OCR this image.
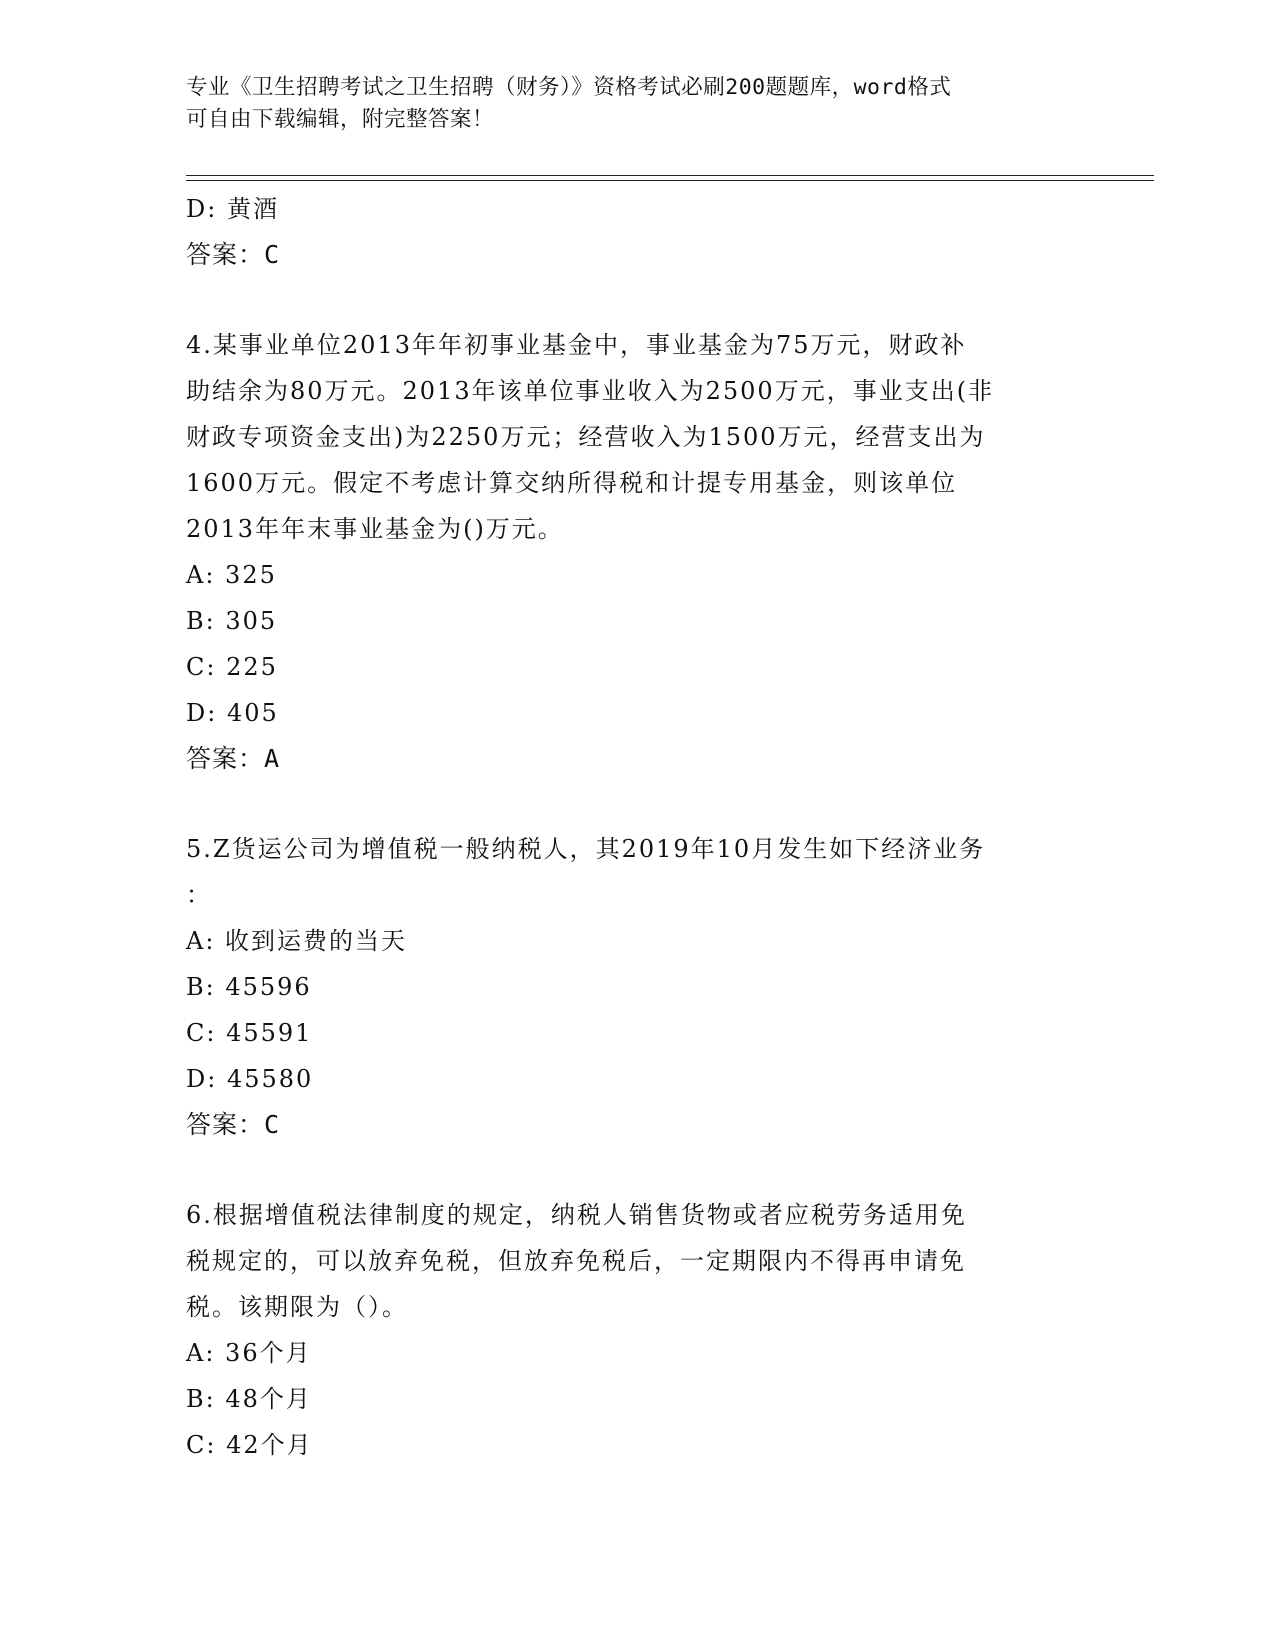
专业《卫生招聘考试之卫生招聘（财务）》资格考试必刷200题题库，word格式
可自由下载编辑，附完整答案！
D: 黄酒
答案：C
4.某事业单位2013年年初事业基金中，事业基金为75万元，财政补
助结余为80万元。2013年该单位事业收入为2500万元，事业支出(非
财政专项资金支出)为2250万元；经营收入为1500万元，经营支出为
1600万元。假定不考虑计算交纳所得税和计提专用基金，则该单位
2013年年末事业基金为()万元。
A: 325
B: 305
C: 225
D: 405
答案：A
5.Z货运公司为增值税一般纳税人，其2019年10月发生如下经济业务
：
A: 收到运费的当天
B: 45596
C: 45591
D: 45580
答案：C
6.根据增值税法律制度的规定，纳税人销售货物或者应税劳务适用免
税规定的，可以放弃免税，但放弃免税后，一定期限内不得再申请免
税。该期限为（）。
A: 36个月
B: 48个月
C: 42个月
